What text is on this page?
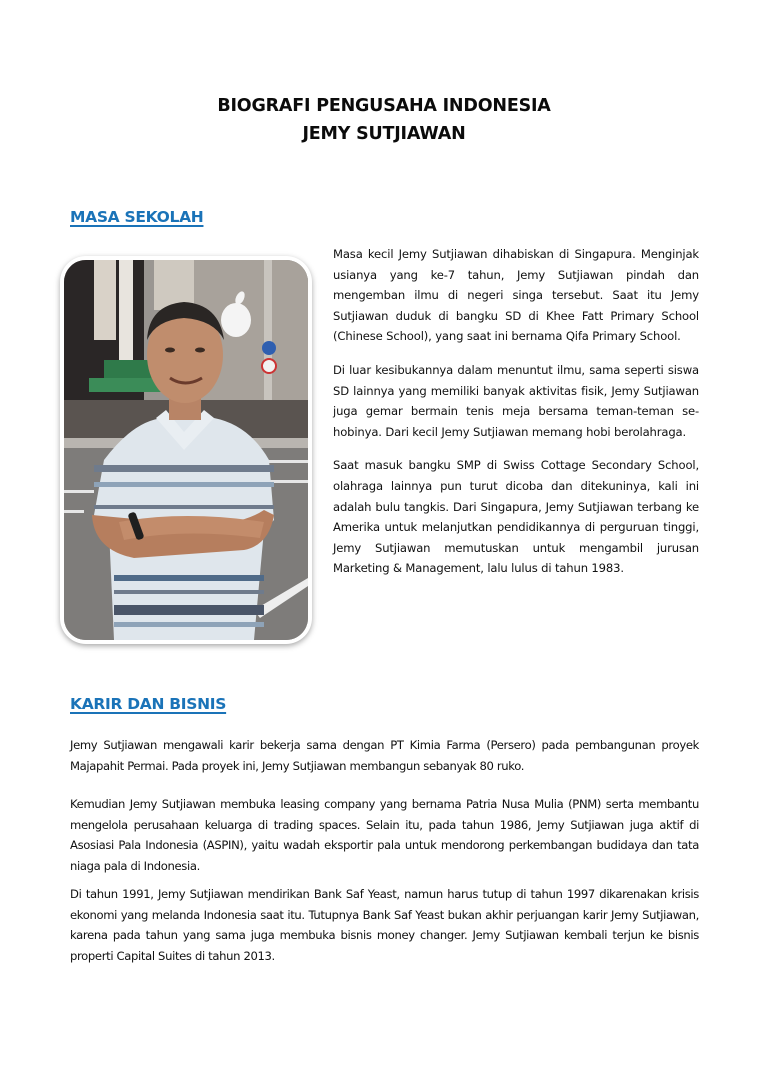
BIOGRAFI PENGUSAHA INDONESIA
JEMY SUTJIAWAN
MASA SEKOLAH

Masa kecil Jemy Sutjiawan dihabiskan di Singapura. Menginjak usianya yang ke-7 tahun, Jemy Sutjiawan pindah dan mengemban ilmu di negeri singa tersebut. Saat itu Jemy Sutjiawan duduk di bangku SD di Khee Fatt Primary School (Chinese School), yang saat ini bernama Qifa Primary School.

Di luar kesibukannya dalam menuntut ilmu, sama seperti siswa SD lainnya yang memiliki banyak aktivitas fisik, Jemy Sutjiawan juga gemar bermain tenis meja bersama teman-teman se-hobinya. Dari kecil Jemy Sutjiawan memang hobi berolahraga.

Saat masuk bangku SMP di Swiss Cottage Secondary School, olahraga lainnya pun turut dicoba dan ditekuninya, kali ini adalah bulu tangkis. Dari Singapura, Jemy Sutjiawan terbang ke Amerika untuk melanjutkan pendidikannya di perguruan tinggi, Jemy Sutjiawan memutuskan untuk mengambil jurusan Marketing & Management, lalu lulus di tahun 1983.

KARIR DAN BISNIS

Jemy Sutjiawan mengawali karir bekerja sama dengan PT Kimia Farma (Persero) pada pembangunan proyek Majapahit Permai. Pada proyek ini, Jemy Sutjiawan membangun sebanyak 80 ruko.

Kemudian Jemy Sutjiawan membuka leasing company yang bernama Patria Nusa Mulia (PNM) serta membantu mengelola perusahaan keluarga di trading spaces. Selain itu, pada tahun 1986, Jemy Sutjiawan juga aktif di Asosiasi Pala Indonesia (ASPIN), yaitu wadah eksportir pala untuk mendorong perkembangan budidaya dan tata niaga pala di Indonesia.

Di tahun 1991, Jemy Sutjiawan mendirikan Bank Saf Yeast, namun harus tutup di tahun 1997 dikarenakan krisis ekonomi yang melanda Indonesia saat itu. Tutupnya Bank Saf Yeast bukan akhir perjuangan karir Jemy Sutjiawan, karena pada tahun yang sama juga membuka bisnis money changer. Jemy Sutjiawan kembali terjun ke bisnis properti Capital Suites di tahun 2013.
